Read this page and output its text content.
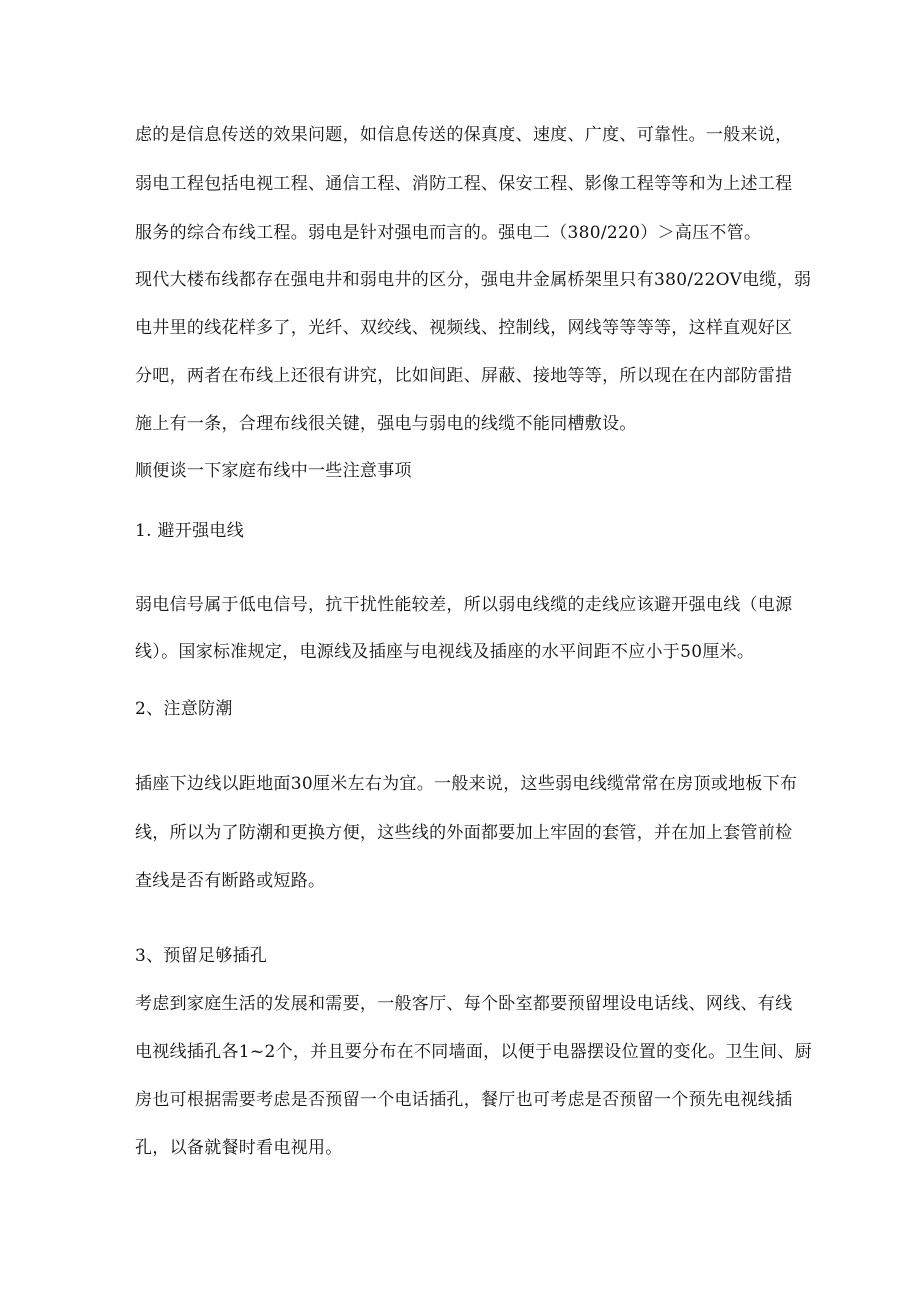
虑的是信息传送的效果问题，如信息传送的保真度、速度、广度、可靠性。一般来说，
弱电工程包括电视工程、通信工程、消防工程、保安工程、影像工程等等和为上述工程
服务的综合布线工程。弱电是针对强电而言的。强电二（380/220）＞高压不管。
现代大楼布线都存在强电井和弱电井的区分，强电井金属桥架里只有380/22OV电缆，弱
电井里的线花样多了，光纤、双绞线、视频线、控制线，网线等等等等，这样直观好区
分吧，两者在布线上还很有讲究，比如间距、屏蔽、接地等等，所以现在在内部防雷措
施上有一条，合理布线很关键，强电与弱电的线缆不能同槽敷设。
顺便谈一下家庭布线中一些注意事项
1. 避开强电线
弱电信号属于低电信号，抗干扰性能较差，所以弱电线缆的走线应该避开强电线（电源
线）。国家标准规定，电源线及插座与电视线及插座的水平间距不应小于50厘米。
2、注意防潮
插座下边线以距地面30厘米左右为宜。一般来说，这些弱电线缆常常在房顶或地板下布
线，所以为了防潮和更换方便，这些线的外面都要加上牢固的套管，并在加上套管前检
查线是否有断路或短路。
3、预留足够插孔
考虑到家庭生活的发展和需要，一般客厅、每个卧室都要预留埋设电话线、网线、有线
电视线插孔各1~2个，并且要分布在不同墙面，以便于电器摆设位置的变化。卫生间、厨
房也可根据需要考虑是否预留一个电话插孔，餐厅也可考虑是否预留一个预先电视线插
孔，以备就餐时看电视用。
